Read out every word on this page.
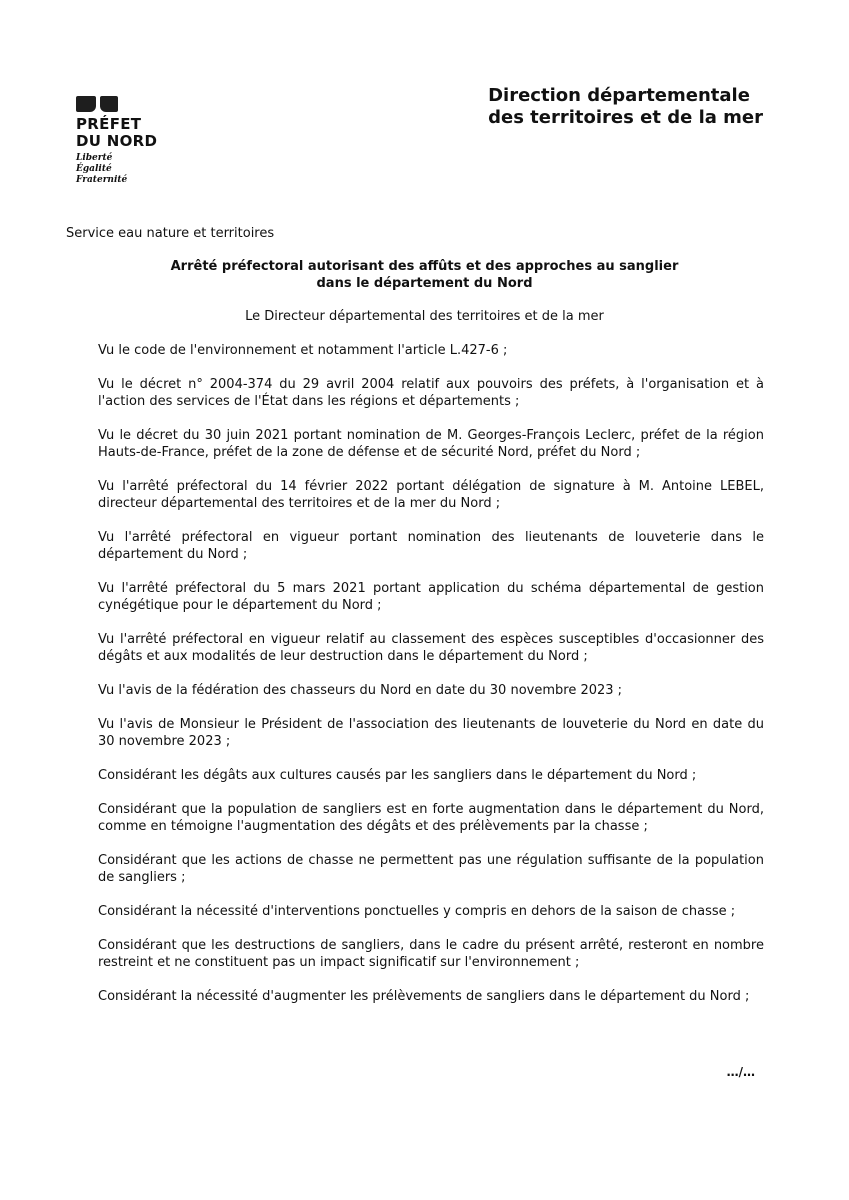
PRÉFET
DU NORD
Liberté
Égalité
Fraternité
Direction départementale
des territoires et de la mer
Service eau nature et territoires
Arrêté préfectoral autorisant des affûts et des approches au sanglier
dans le département du Nord
Le Directeur départemental des territoires et de la mer

Vu le code de l'environnement et notamment l'article L.427-6 ;

Vu le décret n° 2004-374 du 29 avril 2004 relatif aux pouvoirs des préfets, à l'organisation et à l'action des services de l'État dans les régions et départements ;

Vu le décret du 30 juin 2021 portant nomination de M. Georges-François Leclerc, préfet de la région Hauts-de-France, préfet de la zone de défense et de sécurité Nord, préfet du Nord ;

Vu l'arrêté préfectoral du 14 février 2022 portant délégation de signature à M. Antoine LEBEL, directeur départemental des territoires et de la mer du Nord ;

Vu l'arrêté préfectoral en vigueur portant nomination des lieutenants de louveterie dans le département du Nord ;

Vu l'arrêté préfectoral du 5 mars 2021 portant application du schéma départemental de gestion cynégétique pour le département du Nord ;

Vu l'arrêté préfectoral en vigueur relatif au classement des espèces susceptibles d'occasionner des dégâts et aux modalités de leur destruction dans le département du Nord ;

Vu l'avis de la fédération des chasseurs du Nord en date du 30 novembre 2023 ;

Vu l'avis de Monsieur le Président de l'association des lieutenants de louveterie du Nord en date du 30 novembre 2023 ;

Considérant les dégâts aux cultures causés par les sangliers dans le département du Nord ;

Considérant que la population de sangliers est en forte augmentation dans le département du Nord, comme en témoigne l'augmentation des dégâts et des prélèvements par la chasse ;

Considérant que les actions de chasse ne permettent pas une régulation suffisante de la population de sangliers ;

Considérant la nécessité d'interventions ponctuelles y compris en dehors de la saison de chasse ;

Considérant que les destructions de sangliers, dans le cadre du présent arrêté, resteront en nombre restreint et ne constituent pas un impact significatif sur l'environnement ;

Considérant la nécessité d'augmenter les prélèvements de sangliers dans le département du Nord ;

…/…
